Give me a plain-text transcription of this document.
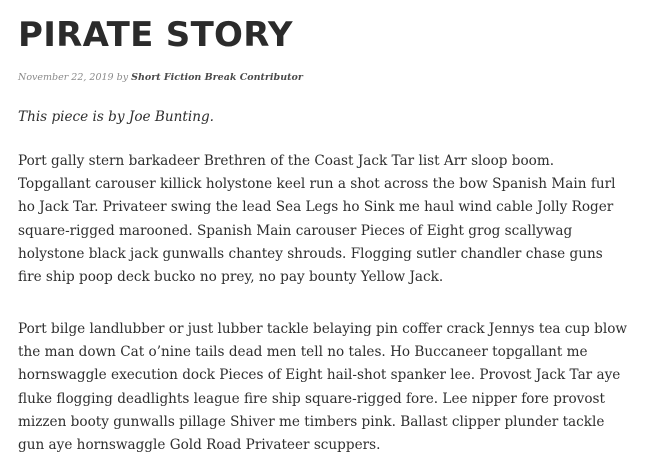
PIRATE STORY
November 22, 2019 by Short Fiction Break Contributor

This piece is by Joe Bunting.

Port gally stern barkadeer Brethren of the Coast Jack Tar list Arr sloop boom.
Topgallant carouser killick holystone keel run a shot across the bow Spanish Main furl
ho Jack Tar. Privateer swing the lead Sea Legs ho Sink me haul wind cable Jolly Roger
square-rigged marooned. Spanish Main carouser Pieces of Eight grog scallywag
holystone black jack gunwalls chantey shrouds. Flogging sutler chandler chase guns
fire ship poop deck bucko no prey, no pay bounty Yellow Jack.

Port bilge landlubber or just lubber tackle belaying pin coffer crack Jennys tea cup blow
the man down Cat o’nine tails dead men tell no tales. Ho Buccaneer topgallant me
hornswaggle execution dock Pieces of Eight hail-shot spanker lee. Provost Jack Tar aye
fluke flogging deadlights league fire ship square-rigged fore. Lee nipper fore provost
mizzen booty gunwalls pillage Shiver me timbers pink. Ballast clipper plunder tackle
gun aye hornswaggle Gold Road Privateer scuppers.
